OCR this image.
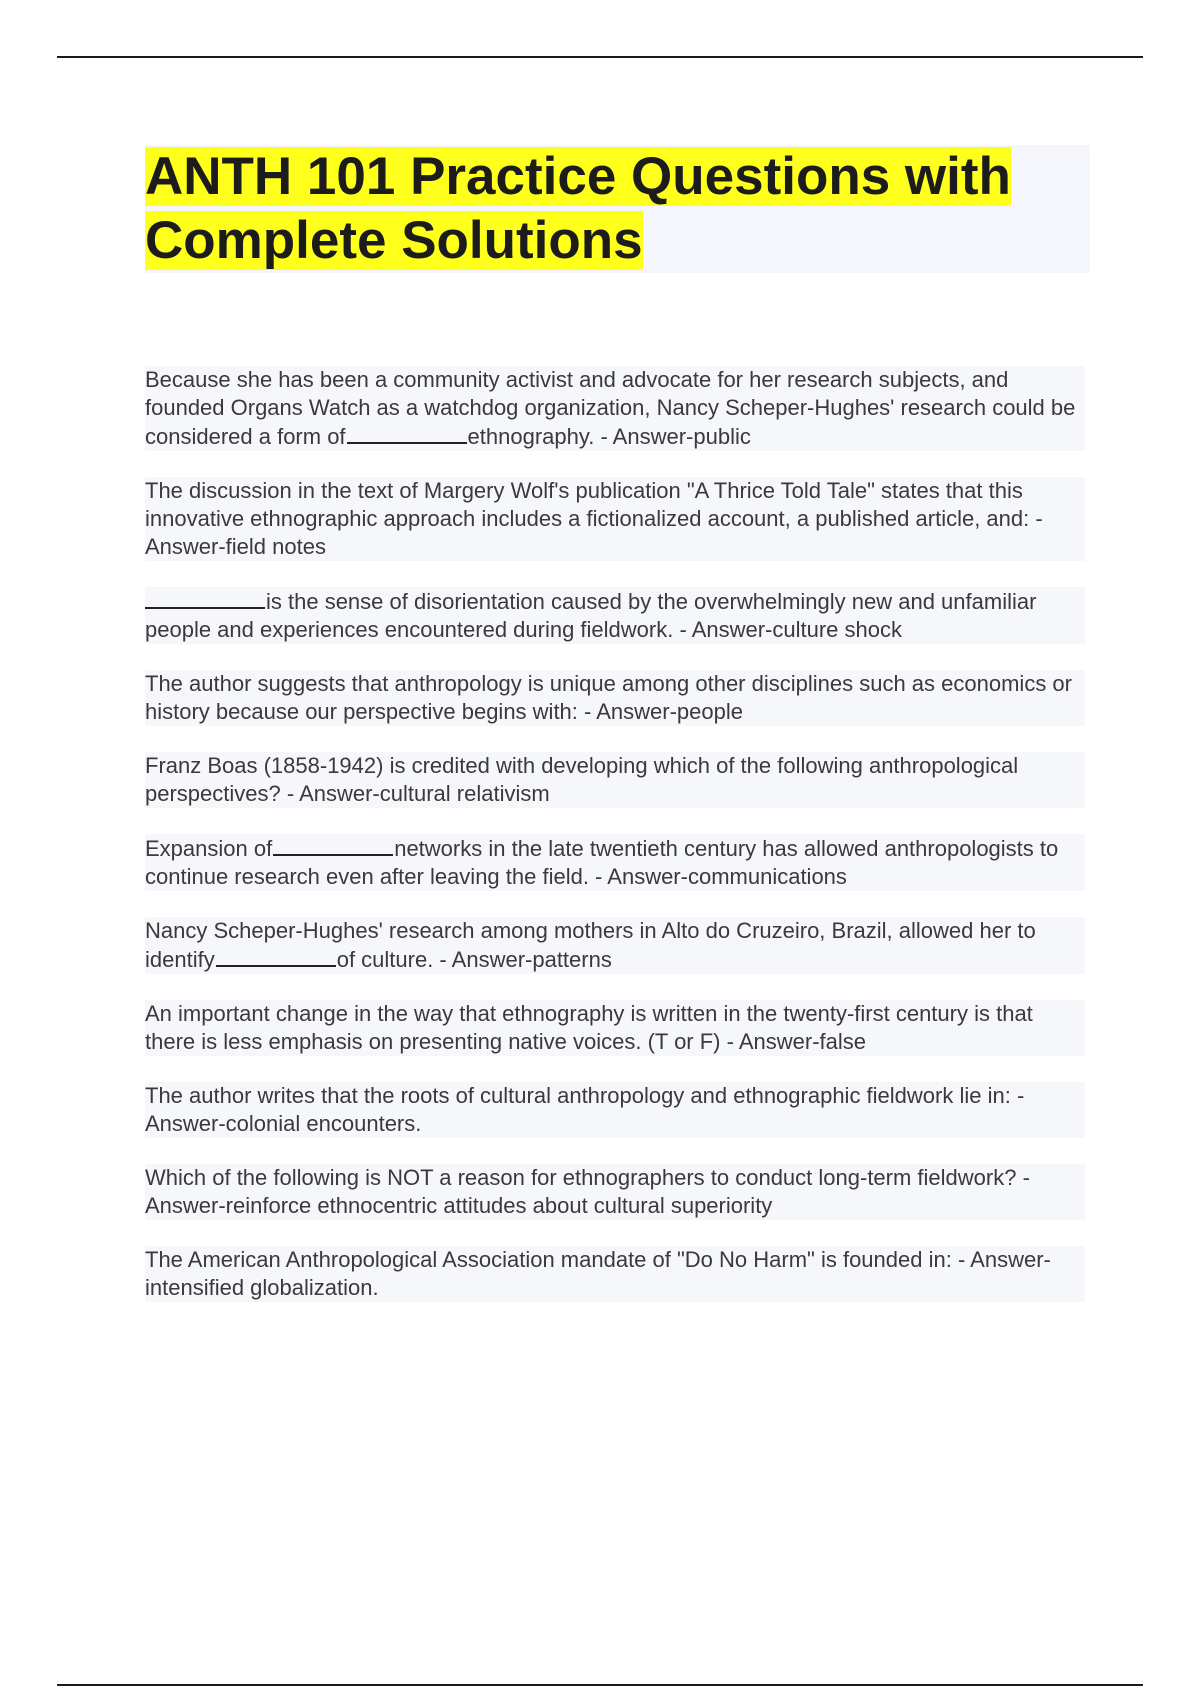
ANTH 101 Practice Questions with
Complete Solutions

Because she has been a community activist and advocate for her research subjects, and founded Organs Watch as a watchdog organization, Nancy Scheper-Hughes' research could be considered a form of	ethnography. - Answer-public

The discussion in the text of Margery Wolf's publication "A Thrice Told Tale" states that this innovative ethnographic approach includes a fictionalized account, a published article, and: - Answer-field notes

is the sense of disorientation caused by the overwhelmingly new and unfamiliar people and experiences encountered during fieldwork. - Answer-culture shock

The author suggests that anthropology is unique among other disciplines such as economics or history because our perspective begins with: - Answer-people

Franz Boas (1858-1942) is credited with developing which of the following anthropological perspectives? - Answer-cultural relativism

Expansion of	networks in the late twentieth century has allowed anthropologists to continue research even after leaving the field. - Answer-communications

Nancy Scheper-Hughes' research among mothers in Alto do Cruzeiro, Brazil, allowed her to identify	of culture. - Answer-patterns

An important change in the way that ethnography is written in the twenty-first century is that there is less emphasis on presenting native voices. (T or F) - Answer-false

The author writes that the roots of cultural anthropology and ethnographic fieldwork lie in: - Answer-colonial encounters.

Which of the following is NOT a reason for ethnographers to conduct long-term fieldwork? - Answer-reinforce ethnocentric attitudes about cultural superiority

The American Anthropological Association mandate of "Do No Harm" is founded in: - Answer-intensified globalization.
